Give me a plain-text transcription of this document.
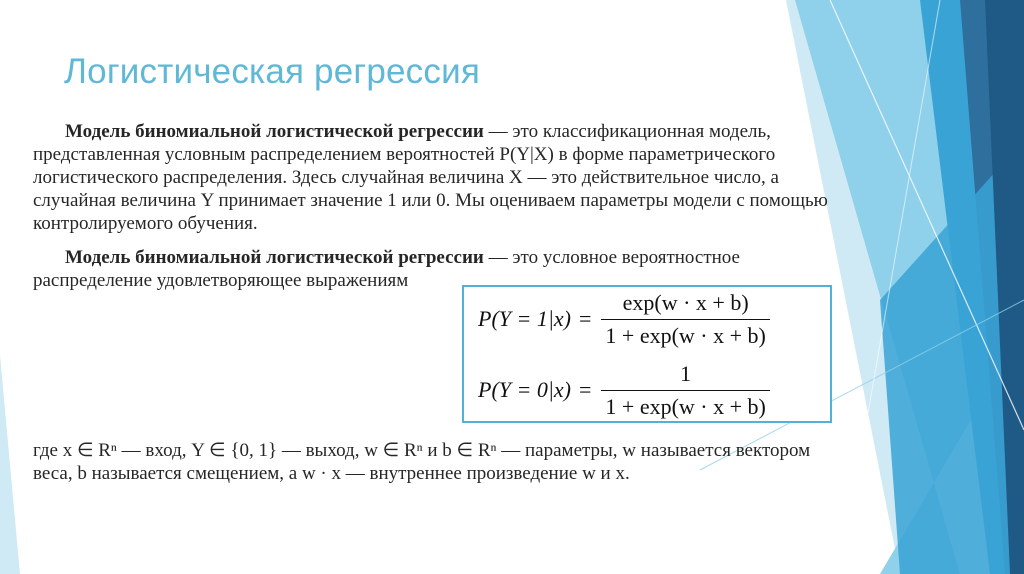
Логистическая регрессия

Модель биномиальной логистической регрессии — это классификационная модель, представленная условным распределением вероятностей P(Y|X) в форме параметрического логистического распределения. Здесь случайная величина X — это действительное число, а случайная величина Y принимает значение 1 или 0. Мы оцениваем параметры модели с помощью контролируемого обучения.

Модель биномиальной логистической регрессии — это условное вероятностное распределение удовлетворяющее выражениям

$P(Y = 1|x) = \frac{\exp(w \cdot x + b)}{1 + \exp(w \cdot x + b)}$
$P(Y = 0|x) = \frac{1}{1 + \exp(w \cdot x + b)}$

где x ∈ Rⁿ — вход, Y ∈ {0, 1} — выход, w ∈ Rⁿ и b ∈ Rⁿ — параметры, w называется вектором веса, b называется смещением, а w · x — внутреннее произведение w и x.
